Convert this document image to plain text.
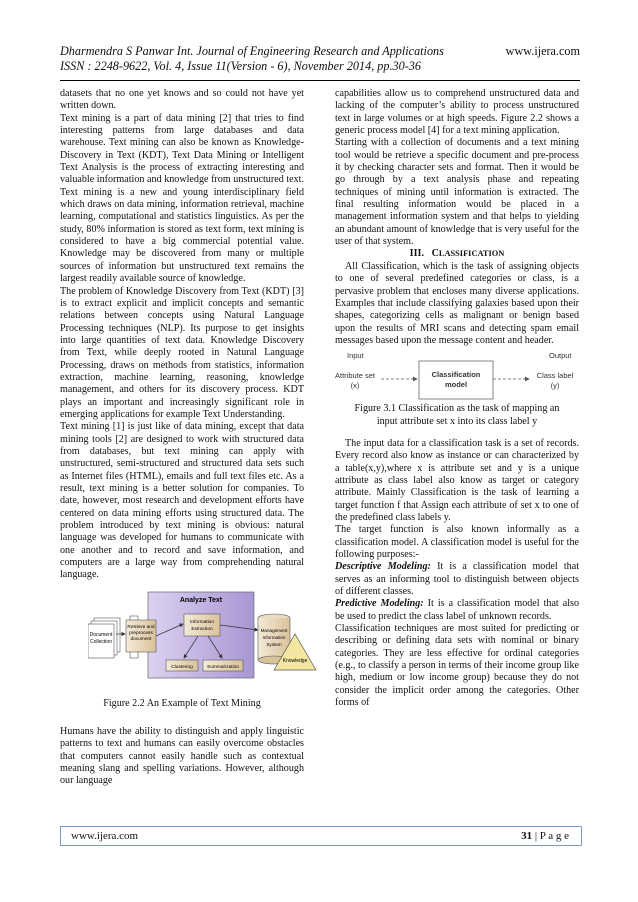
Dharmendra S Panwar Int. Journal of Engineering Research and Applications
ISSN : 2248-9622, Vol. 4, Issue 11(Version - 6), November 2014, pp.30-36
www.ijera.com

datasets that no one yet knows and so could not have yet written down.

Text mining is a part of data mining [2] that tries to find interesting patterns from large databases and data warehouse. Text mining can also be known as Knowledge-Discovery in Text (KDT), Text Data Mining or Intelligent Text Analysis is the process of extracting interesting and valuable information and knowledge from unstructured text. Text mining is a new and young interdisciplinary field which draws on data mining, information retrieval, machine learning, computational and statistics linguistics. As per the study, 80% information is stored as text form, text mining is considered to have a big commercial potential value. Knowledge may be discovered from many or multiple sources of information but unstructured text remains the largest readily available source of knowledge.

The problem of Knowledge Discovery from Text (KDT) [3] is to extract explicit and implicit concepts and semantic relations between concepts using Natural Language Processing techniques (NLP). Its purpose to get insights into large quantities of text data. Knowledge Discovery from Text, while deeply rooted in Natural Language Processing, draws on methods from statistics, information extraction, machine learning, reasoning, knowledge management, and others for its discovery process. KDT plays an important and increasingly significant role in emerging applications for example Text Understanding.

Text mining [1] is just like of data mining, except that data mining tools [2] are designed to work with structured data from databases, but text mining can apply with unstructured, semi-structured and structured data sets such as Internet files (HTML), emails and full text files etc. As a result, text mining is a better solution for companies. To date, however, most research and development efforts have centered on data mining efforts using structured data. The problem introduced by text mining is obvious: natural language was developed for humans to communicate with one another and to record and save information, and computers are a large way from comprehending natural language.

Analyze Text
Document
Collection
Retrieve and
preprocess
document
Information
Extraction
Clustering	Summarization
Management
Information
System

Figure 2.2 An Example of Text Mining

Humans have the ability to distinguish and apply linguistic patterns to text and humans can easily overcome obstacles that computers cannot easily handle such as contextual meaning slang and spelling variations. However, although our language

Knowledge

capabilities allow us to comprehend unstructured data and lacking of the computer’s ability to process unstructured text in large volumes or at high speeds. Figure 2.2 shows a generic process model [4] for a text mining application.

Starting with a collection of documents and a text mining tool would be retrieve a specific document and pre-process it by checking character sets and format. Then it would be go through by a text analysis phase and repeating techniques of mining until information is extracted. The final resulting information would be placed in a management information system and that helps to yielding an abundant amount of knowledge that is very useful for the user of that system.

III. CLASSIFICATION

All Classification, which is the task of assigning objects to one of several predefined categories or class, is a pervasive problem that encloses many diverse applications. Examples that include classifying galaxies based upon their shapes, categorizing cells as malignant or benign based upon the results of MRI scans and detecting spam email messages based upon the message content and header.

Input	Output
Attribute set
(x)
Classification
model
Class label
(y)

Figure 3.1 Classification as the task of mapping an input attribute set x into its class label y

The input data for a classification task is a set of records. Every record also know as instance or can characterized by a table(x,y),where x is attribute set and y is a unique attribute as class label also know as target or category attribute. Mainly Classification is the task of learning a target function f that Assign each attribute of set x to one of the predefined class labels y.

The target function is also known informally as a classification model. A classification model is useful for the following purposes:-

Descriptive Modeling: It is a classification model that serves as an informing tool to distinguish between objects of different classes.

Predictive Modeling: It is a classification model that also be used to predict the class label of unknown records.

Classification techniques are most suited for predicting or describing or defining data sets with nominal or binary categories. They are less effective for ordinal categories (e.g., to classify a person in terms of their income group like high, medium or low income group) because they do not consider the implicit order among the categories. Other forms of

www.ijera.com	31 | P a g e
